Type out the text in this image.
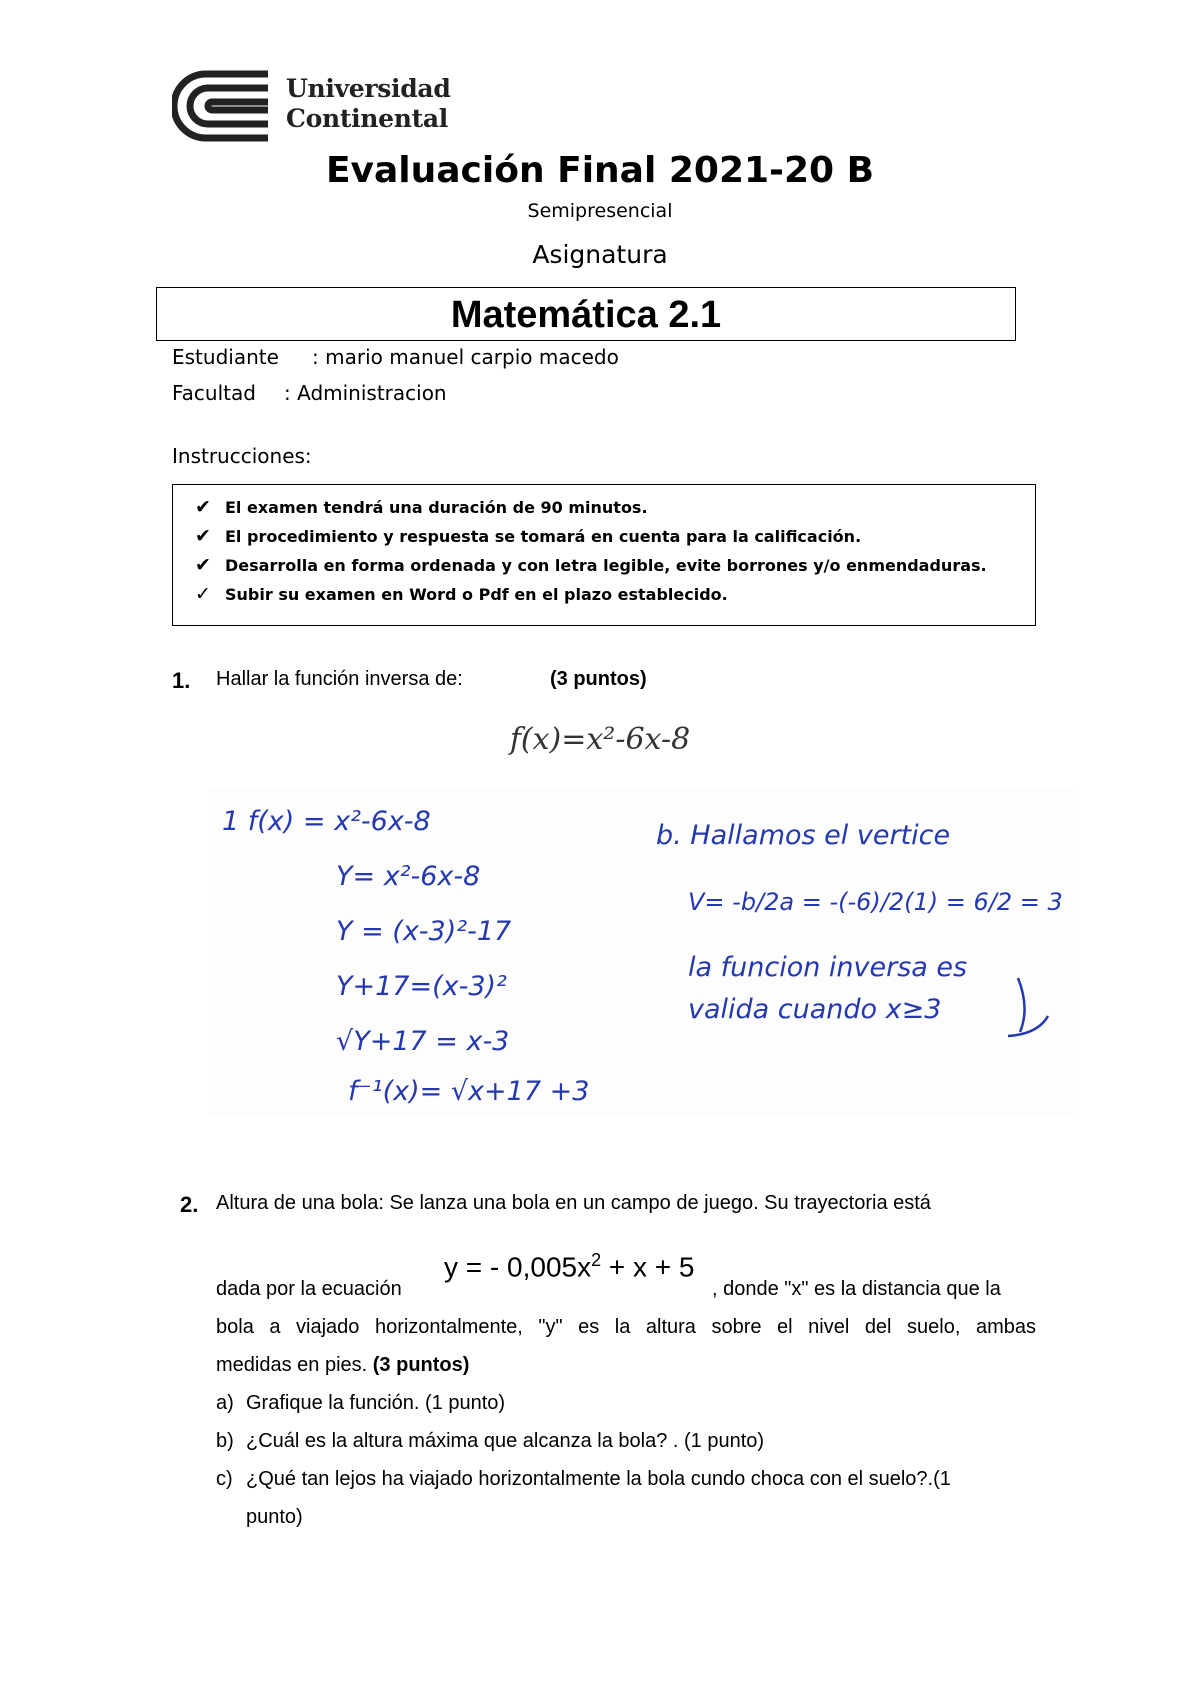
Universidad
Continental
Evaluación Final 2021-20 B
Semipresencial
Asignatura
Matemática 2.1
Estudiante : mario manuel carpio macedo
Facultad : Administracion
Instrucciones:
✔ El examen tendrá una duración de 90 minutos.
✔ El procedimiento y respuesta se tomará en cuenta para la calificación.
✔ Desarrolla en forma ordenada y con letra legible, evite borrones y/o enmendaduras.
✓ Subir su examen en Word o Pdf en el plazo establecido.
1. Hallar la función inversa de:	(3 puntos)
f(x)=x²-6x-8
1 f(x) = x²-6x-8
Y= x²-6x-8
Y = (x-3)²-17
Y+17=(x-3)²
√Y+17 = x-3
f⁻¹(x)= √x+17 +3
b. Hallamos el vertice
V= -b/2a = -(-6)/2(1) = 6/2 = 3
la funcion inversa es
valida cuando x≥3
2. Altura de una bola: Se lanza una bola en un campo de juego. Su trayectoria está
dada por la ecuación
y = - $0,005x^2 + x + 5$
, donde "x" es la distancia que la
bola a viajado horizontalmente, "y" es la altura sobre el nivel del suelo, ambas
medidas en pies. (3 puntos)
a) Grafique la función. (1 punto)
b) ¿Cuál es la altura máxima que alcanza la bola? . (1 punto)
c) ¿Qué tan lejos ha viajado horizontalmente la bola cundo choca con el suelo?.(1
punto)
